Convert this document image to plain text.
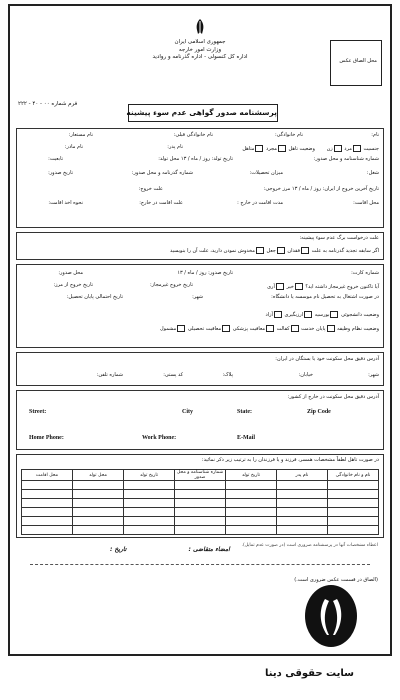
محل الصاق عکس
جمهوری اسلامی ایران
وزارت امور خارجه
اداره کل کنسولی - اداره گذرنامه و روادید
فرم شماره ۰۰ - ۴۰ - ۲۲۲
پرسشنامه صدور گواهی عدم سوء پیشینه
نام:
نام خانوادگی:
نام خانوادگی قبلی:
نام مستعار:
جنسیت مرد زن وضعیت تاهل مجرد متاهل
نام پدر:
نام مادر:
شماره شناسنامه و محل صدور:
تاریخ تولد: روز / ماه / ۱۳ محل تولد:
تابعیت:
شغل:
میزان تحصیلات:
شماره گذرنامه و محل صدور:
تاریخ صدور:
تاریخ آخرین خروج از ایران: روز / ماه / ۱۳ مرز خروجی:
علت خروج:
محل اقامت:
مدت اقامت در خارج :
علت اقامت در خارج:
نحوه اخذ اقامت:
علت درخواست برگ عدم سوء پیشینه:
اگر سابقه تجدید گذرنامه به علت فقدان جعل مخدوش نمودن دارید، علت آن را بنویسید
شماره کارت:
تاریخ صدور: روز / ماه / ۱۳
محل صدور:
آیا تاکنون خروج غیرمجاز داشته اید؟ خیر آری
تاریخ خروج غیرمجاز:
تاریخ خروج از مرز:
در صورت اشتغال به تحصیل نام موسسه یا دانشگاه:
شهر:
تاریخ احتمالی پایان تحصیل:
وضعیت دانشجوئی بورسیه ارزبگیری آزاد
وضعیت نظام وظیفه پایان خدمت کفالت معافیت پزشکی معافیت تحصیلی مشمول
آدرس دقیق محل سکونت خود یا بستگان در ایران:
شهر:
خیابان:
پلاک:
کد پستی:
شماره تلفن:
آدرس دقیق محل سکونت در خارج از کشور:
Street:	City	State:	Zip Code
Home Phone:	Work Phone:	E-Mail
در صورت تاهل لطفاً مشخصات همسر، فرزند و یا فرزندان را به ترتیب زیر ذکر نمائید:
نام و نام خانوادگی	نام پدر	تاریخ تولد	شماره شناسنامه و محل صدور	تاریخ تولد	محل تولد	محل اقامت

اعطاء مشخصات آنها در پرسشنامه ضروری است (در صورت عدم تمایل).
امضاء متقاضی : تاریخ :
(الصاق در قسمت عکس ضروری است.)
سایت حقوقی دینا
